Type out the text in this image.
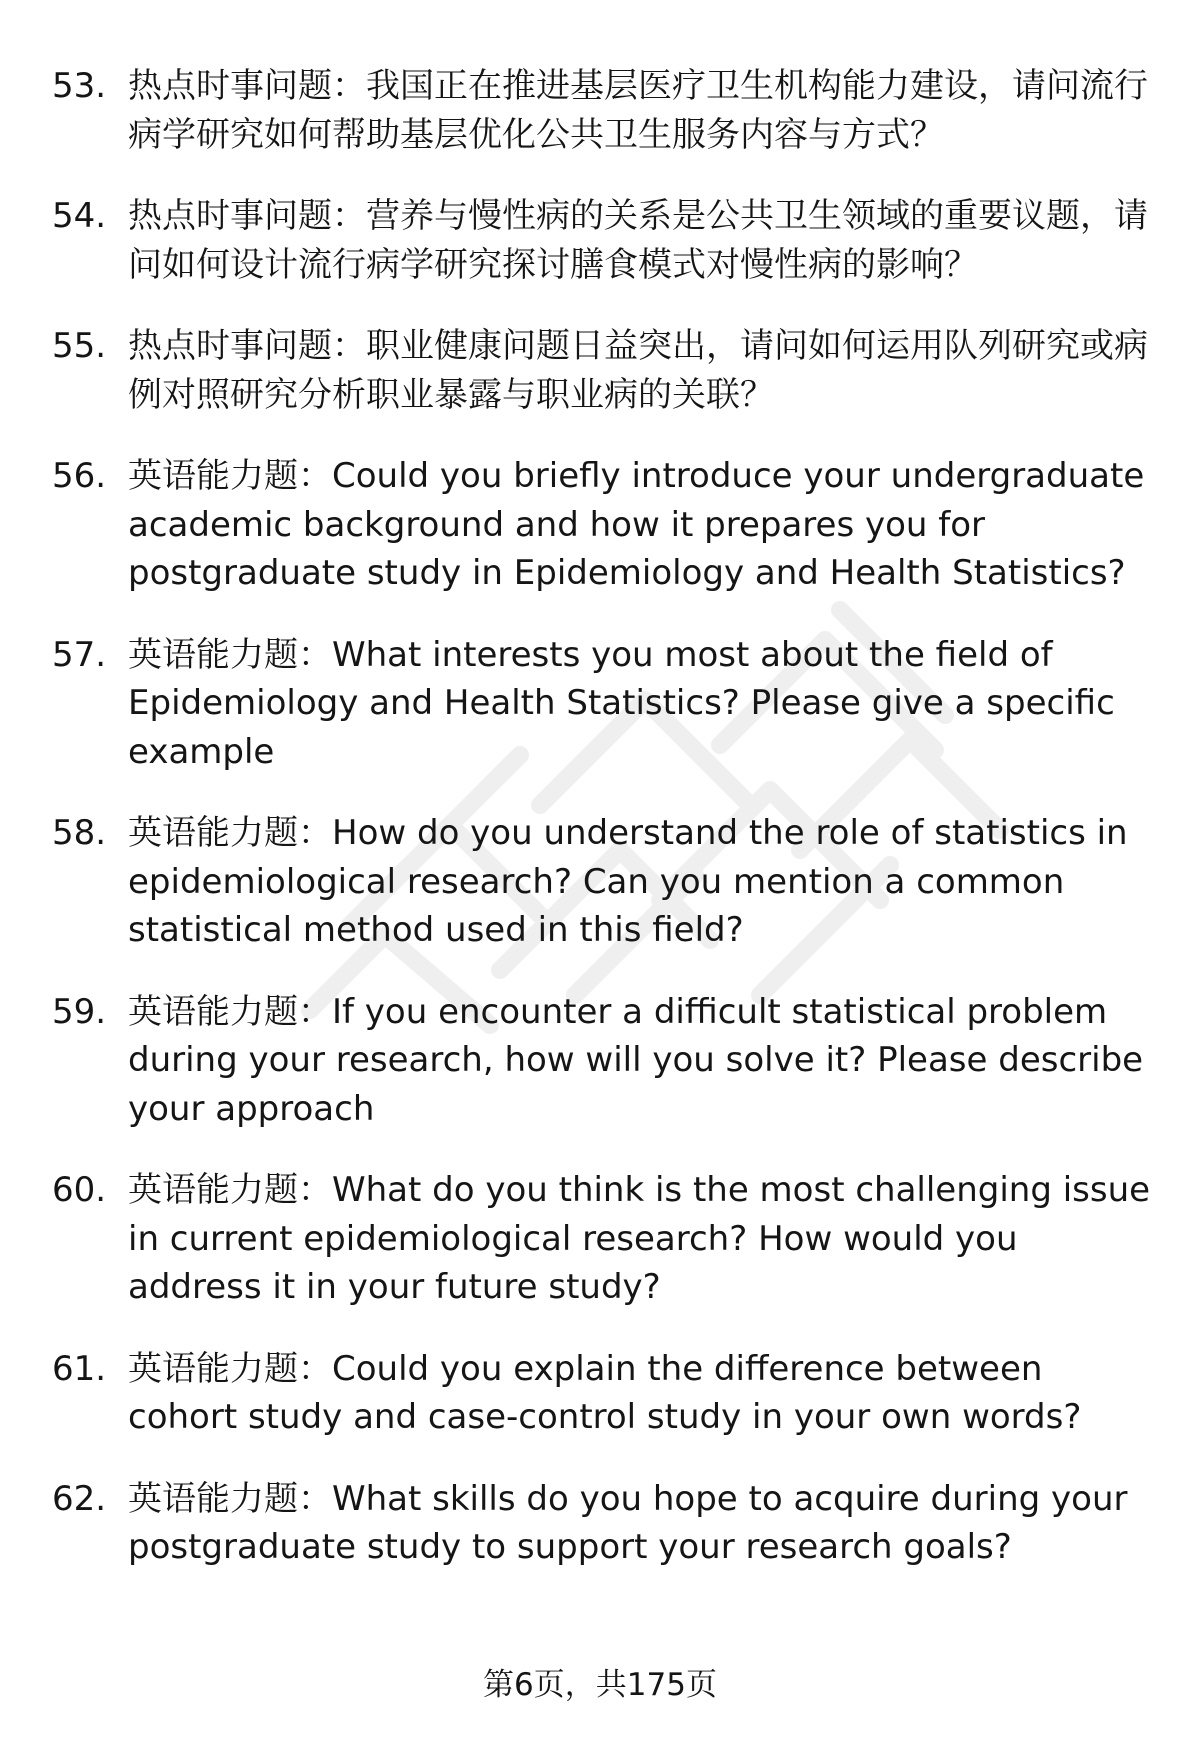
53. 热点时事问题：我国正在推进基层医疗卫生机构能力建设，请问流行病学研究如何帮助基层优化公共卫生服务内容与方式？
54. 热点时事问题：营养与慢性病的关系是公共卫生领域的重要议题，请问如何设计流行病学研究探讨膳食模式对慢性病的影响？
55. 热点时事问题：职业健康问题日益突出，请问如何运用队列研究或病例对照研究分析职业暴露与职业病的关联？
56. 英语能力题：Could you briefly introduce your undergraduate academic background and how it prepares you for postgraduate study in Epidemiology and Health Statistics?
57. 英语能力题：What interests you most about the field of Epidemiology and Health Statistics? Please give a specific example
58. 英语能力题：How do you understand the role of statistics in epidemiological research? Can you mention a common statistical method used in this field?
59. 英语能力题：If you encounter a difficult statistical problem during your research, how will you solve it? Please describe your approach
60. 英语能力题：What do you think is the most challenging issue in current epidemiological research? How would you address it in your future study?
61. 英语能力题：Could you explain the difference between cohort study and case-control study in your own words?
62. 英语能力题：What skills do you hope to acquire during your postgraduate study to support your research goals?
第6页，共175页
